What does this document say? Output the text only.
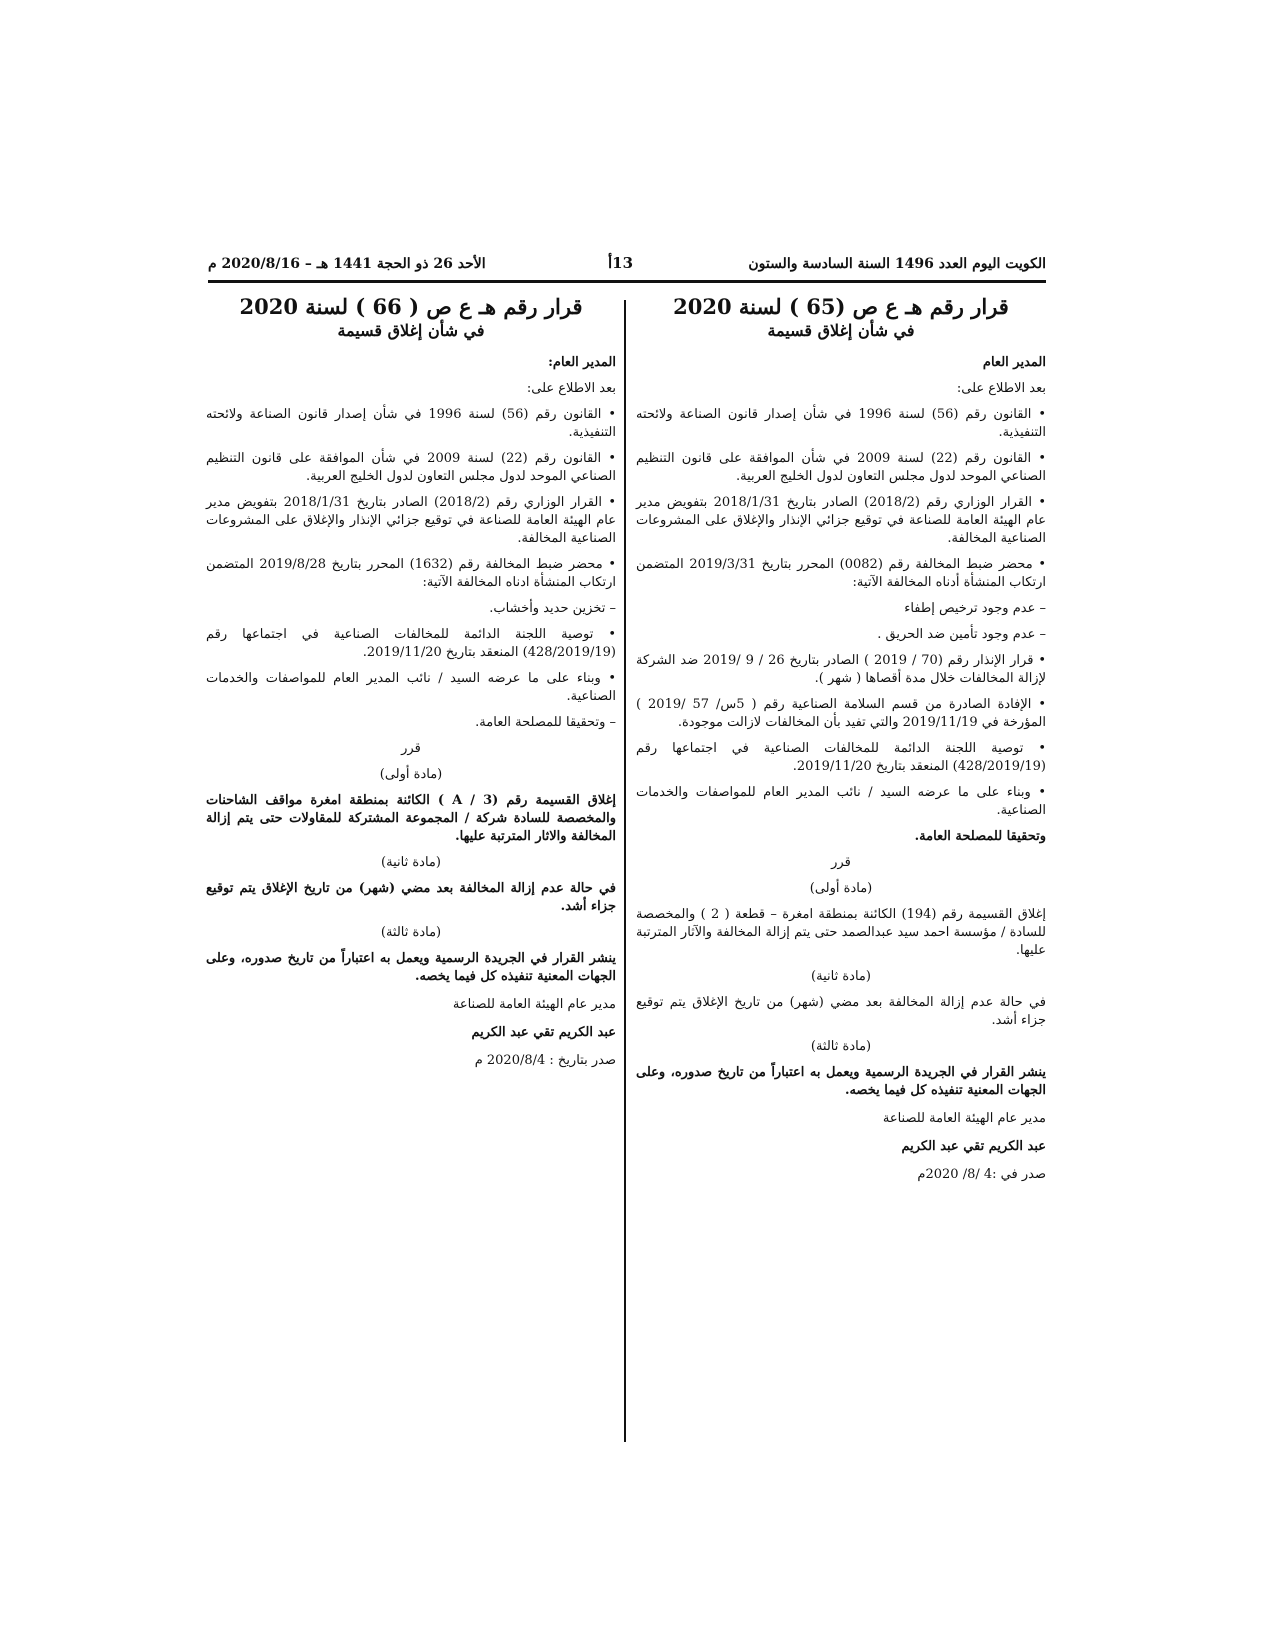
الكويت اليوم العدد 1496 السنة السادسة والستون
13أ
الأحد 26 ذو الحجة 1441 هـ – 2020/8/16 م
قرار رقم هـ ع ص (65 ) لسنة 2020
في شأن إغلاق قسيمة
المدير العام
بعد الاطلاع على:
• القانون رقم (56) لسنة 1996 في شأن إصدار قانون الصناعة ولائحته التنفيذية.
• القانون رقم (22) لسنة 2009 في شأن الموافقة على قانون التنظيم الصناعي الموحد لدول مجلس التعاون لدول الخليج العربية.
• القرار الوزاري رقم (2018/2) الصادر بتاريخ 2018/1/31 بتفويض مدير عام الهيئة العامة للصناعة في توقيع جزائي الإنذار والإغلاق على المشروعات الصناعية المخالفة.
• محضر ضبط المخالفة رقم (0082) المحرر بتاريخ 2019/3/31 المتضمن ارتكاب المنشأة أدناه المخالفة الآتية:
– عدم وجود ترخيص إطفاء
– عدم وجود تأمين ضد الحريق .
• قرار الإنذار رقم (70 / 2019 ) الصادر بتاريخ 26 / 9 /2019 ضد الشركة لإزالة المخالفات خلال مدة أقصاها ( شهر ).
• الإفادة الصادرة من قسم السلامة الصناعية رقم ( 5س/ 57 /2019 ) المؤرخة في 2019/11/19 والتي تفيد بأن المخالفات لازالت موجودة.
• توصية اللجنة الدائمة للمخالفات الصناعية في اجتماعها رقم (428/2019/19) المنعقد بتاريخ 2019/11/20.
• وبناء على ما عرضه السيد / نائب المدير العام للمواصفات والخدمات الصناعية.
وتحقيقا للمصلحة العامة.
قرر
(مادة أولى)
إغلاق القسيمة رقم (194) الكائنة بمنطقة امغرة – قطعة ( 2 ) والمخصصة للسادة / مؤسسة احمد سيد عبدالصمد حتى يتم إزالة المخالفة والآثار المترتبة عليها.
(مادة ثانية)
في حالة عدم إزالة المخالفة بعد مضي (شهر) من تاريخ الإغلاق يتم توقيع جزاء أشد.
(مادة ثالثة)
ينشر القرار في الجريدة الرسمية ويعمل به اعتباراً من تاريخ صدوره، وعلى الجهات المعنية تنفيذه كل فيما يخصه.
مدير عام الهيئة العامة للصناعة
عبد الكريم تقي عبد الكريم
صدر في :4 /8/ 2020م
قرار رقم هـ ع ص ( 66 ) لسنة 2020
في شأن إغلاق قسيمة
المدير العام:
بعد الاطلاع على:
• القانون رقم (56) لسنة 1996 في شأن إصدار قانون الصناعة ولائحته التنفيذية.
• القانون رقم (22) لسنة 2009 في شأن الموافقة على قانون التنظيم الصناعي الموحد لدول مجلس التعاون لدول الخليج العربية.
• القرار الوزاري رقم (2018/2) الصادر بتاريخ 2018/1/31 بتفويض مدير عام الهيئة العامة للصناعة في توقيع جزائي الإنذار والإغلاق على المشروعات الصناعية المخالفة.
• محضر ضبط المخالفة رقم (1632) المحرر بتاريخ 2019/8/28 المتضمن ارتكاب المنشأة ادناه المخالفة الآتية:
– تخزين حديد وأخشاب.
• توصية اللجنة الدائمة للمخالفات الصناعية في اجتماعها رقم (428/2019/19) المنعقد بتاريخ 2019/11/20.
• وبناء على ما عرضه السيد / نائب المدير العام للمواصفات والخدمات الصناعية.
– وتحقيقا للمصلحة العامة.
قرر
(مادة أولى)
إغلاق القسيمة رقم (3 / A ) الكائنة بمنطقة امغرة مواقف الشاحنات والمخصصة للسادة شركة / المجموعة المشتركة للمقاولات حتى يتم إزالة المخالفة والاثار المترتبة عليها.
(مادة ثانية)
في حالة عدم إزالة المخالفة بعد مضي (شهر) من تاريخ الإغلاق يتم توقيع جزاء أشد.
(مادة ثالثة)
ينشر القرار في الجريدة الرسمية ويعمل به اعتباراً من تاريخ صدوره، وعلى الجهات المعنية تنفيذه كل فيما يخصه.
مدير عام الهيئة العامة للصناعة
عبد الكريم تقي عبد الكريم
صدر بتاريخ : 2020/8/4 م
